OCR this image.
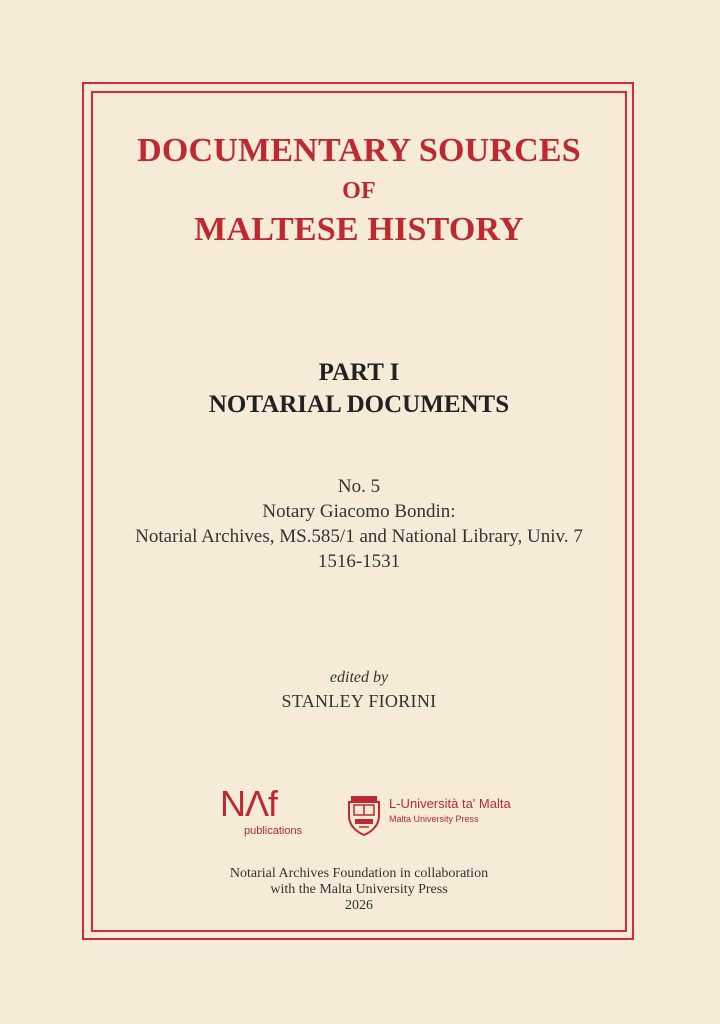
DOCUMENTARY SOURCES
OF
MALTESE HISTORY
PART I
NOTARIAL DOCUMENTS
No. 5
Notary Giacomo Bondin:
Notarial Archives, MS.585/1 and National Library, Univ. 7
1516-1531
edited by
STANLEY FIORINI
NΛf
publications
L-Università ta' Malta
Malta University Press
Notarial Archives Foundation in collaboration
with the Malta University Press
2026
